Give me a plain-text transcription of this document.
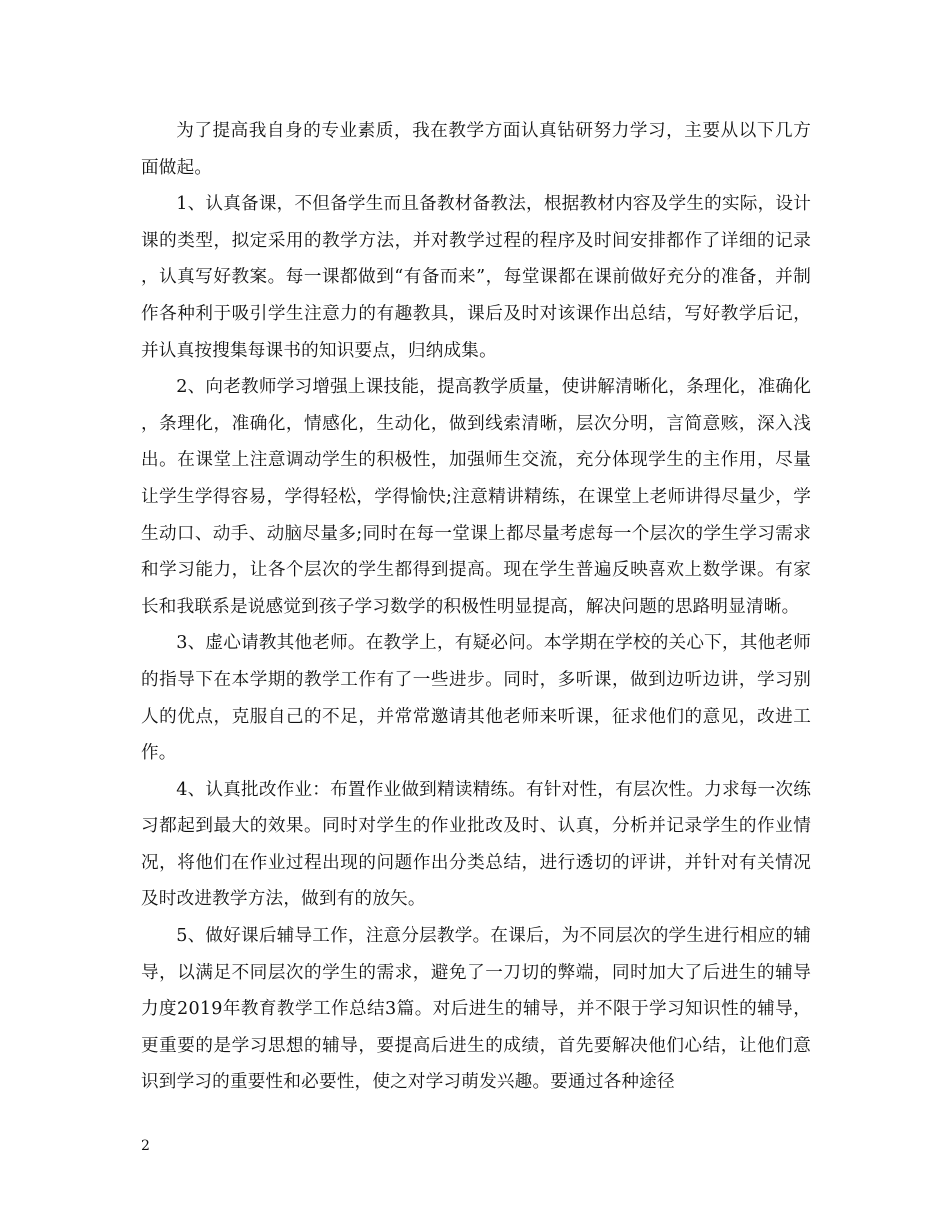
为了提高我自身的专业素质，我在教学方面认真钻研努力学习，主要从以下几方面做起。

1、认真备课，不但备学生而且备教材备教法，根据教材内容及学生的实际，设计课的类型，拟定采用的教学方法，并对教学过程的程序及时间安排都作了详细的记录，认真写好教案。每一课都做到“有备而来”，每堂课都在课前做好充分的准备，并制作各种利于吸引学生注意力的有趣教具，课后及时对该课作出总结，写好教学后记，并认真按搜集每课书的知识要点，归纳成集。

2、向老教师学习增强上课技能，提高教学质量，使讲解清晰化，条理化，准确化，条理化，准确化，情感化，生动化，做到线索清晰，层次分明，言简意赅，深入浅出。在课堂上注意调动学生的积极性，加强师生交流，充分体现学生的主作用，尽量让学生学得容易，学得轻松，学得愉快;注意精讲精练，在课堂上老师讲得尽量少，学生动口、动手、动脑尽量多;同时在每一堂课上都尽量考虑每一个层次的学生学习需求和学习能力，让各个层次的学生都得到提高。现在学生普遍反映喜欢上数学课。有家长和我联系是说感觉到孩子学习数学的积极性明显提高，解决问题的思路明显清晰。

3、虚心请教其他老师。在教学上，有疑必问。本学期在学校的关心下，其他老师的指导下在本学期的教学工作有了一些进步。同时，多听课，做到边听边讲，学习别人的优点，克服自己的不足，并常常邀请其他老师来听课，征求他们的意见，改进工作。

4、认真批改作业：布置作业做到精读精练。有针对性，有层次性。力求每一次练习都起到最大的效果。同时对学生的作业批改及时、认真，分析并记录学生的作业情况，将他们在作业过程出现的问题作出分类总结，进行透切的评讲，并针对有关情况及时改进教学方法，做到有的放矢。

5、做好课后辅导工作，注意分层教学。在课后，为不同层次的学生进行相应的辅导，以满足不同层次的学生的需求，避免了一刀切的弊端，同时加大了后进生的辅导力度2019年教育教学工作总结3篇。对后进生的辅导，并不限于学习知识性的辅导，更重要的是学习思想的辅导，要提高后进生的成绩，首先要解决他们心结，让他们意识到学习的重要性和必要性，使之对学习萌发兴趣。要通过各种途径

2
